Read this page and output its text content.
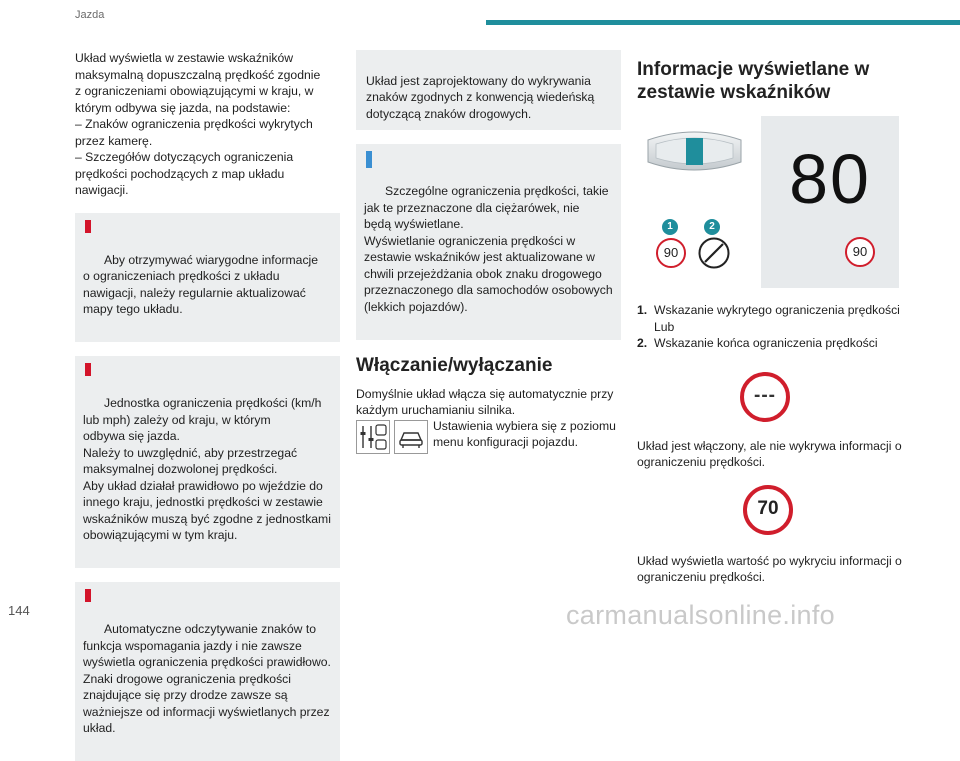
Jazda
Układ wyświetla w zestawie wskaźników
maksymalną dopuszczalną prędkość zgodnie
z ograniczeniami obowiązującymi w kraju, w
którym odbywa się jazda, na podstawie:
– Znaków ograniczenia prędkości wykrytych
przez kamerę.
– Szczegółów dotyczących ograniczenia
prędkości pochodzących z map układu
nawigacji.

Aby otrzymywać wiarygodne informacje
o ograniczeniach prędkości z układu
nawigacji, należy regularnie aktualizować
mapy tego układu.

Jednostka ograniczenia prędkości (km/h
lub mph) zależy od kraju, w którym
odbywa się jazda.
Należy to uwzględnić, aby przestrzegać
maksymalnej dozwolonej prędkości.
Aby układ działał prawidłowo po wjeździe do
innego kraju, jednostki prędkości w zestawie
wskaźników muszą być zgodne z jednostkami
obowiązującymi w tym kraju.

Automatyczne odczytywanie znaków to
funkcja wspomagania jazdy i nie zawsze
wyświetla ograniczenia prędkości prawidłowo.
Znaki drogowe ograniczenia prędkości
znajdujące się przy drodze zawsze są
ważniejsze od informacji wyświetlanych przez
układ.

Układ jest zaprojektowany do wykrywania
znaków zgodnych z konwencją wiedeńską
dotyczącą znaków drogowych.

Szczególne ograniczenia prędkości, takie
jak te przeznaczone dla ciężarówek, nie
będą wyświetlane.
Wyświetlanie ograniczenia prędkości w
zestawie wskaźników jest aktualizowane w
chwili przejeżdżania obok znaku drogowego
przeznaczonego dla samochodów osobowych
(lekkich pojazdów).

Włączanie/wyłączanie
Domyślnie układ włącza się automatycznie przy
każdym uruchamianiu silnika.
Ustawienia wybiera się z poziomu
menu konfiguracji pojazdu.
Informacje wyświetlane w
zestawie wskaźników
80
90
1	2
90
1. Wskazanie wykrytego ograniczenia prędkości
Lub
2. Wskazanie końca ograniczenia prędkości
---
Układ jest włączony, ale nie wykrywa informacji o
ograniczeniu prędkości.
70
Układ wyświetla wartość po wykryciu informacji o
ograniczeniu prędkości.
144	carmanualsonline.info
